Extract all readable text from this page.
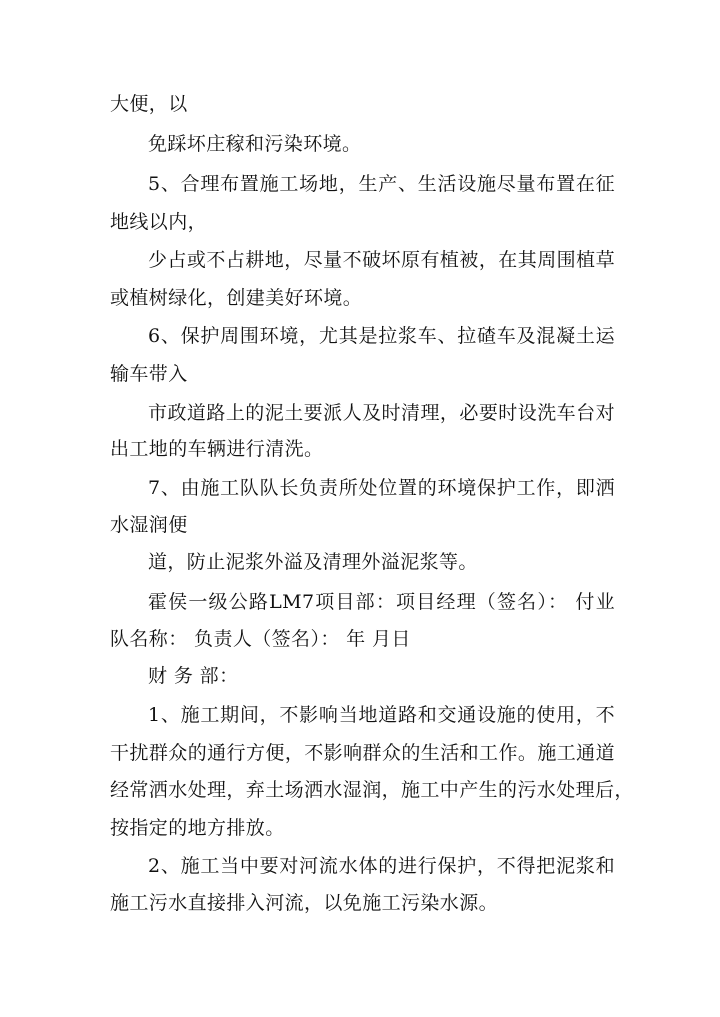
大便，以
免踩坏庄稼和污染环境。
5、合理布置施工场地，生产、生活设施尽量布置在征
地线以内，
少占或不占耕地，尽量不破坏原有植被，在其周围植草
或植树绿化，创建美好环境。
6、保护周围环境，尤其是拉浆车、拉碴车及混凝土运
输车带入
市政道路上的泥土要派人及时清理，必要时设洗车台对
出工地的车辆进行清洗。
7、由施工队队长负责所处位置的环境保护工作，即洒
水湿润便
道，防止泥浆外溢及清理外溢泥浆等。
霍侯一级公路LM7项目部：项目经理（签名）： 付业
队名称： 负责人（签名）： 年 月日
财 务 部：
1、施工期间，不影响当地道路和交通设施的使用，不
干扰群众的通行方便，不影响群众的生活和工作。施工通道
经常洒水处理，弃土场洒水湿润，施工中产生的污水处理后，
按指定的地方排放。
2、施工当中要对河流水体的进行保护，不得把泥浆和
施工污水直接排入河流，以免施工污染水源。
